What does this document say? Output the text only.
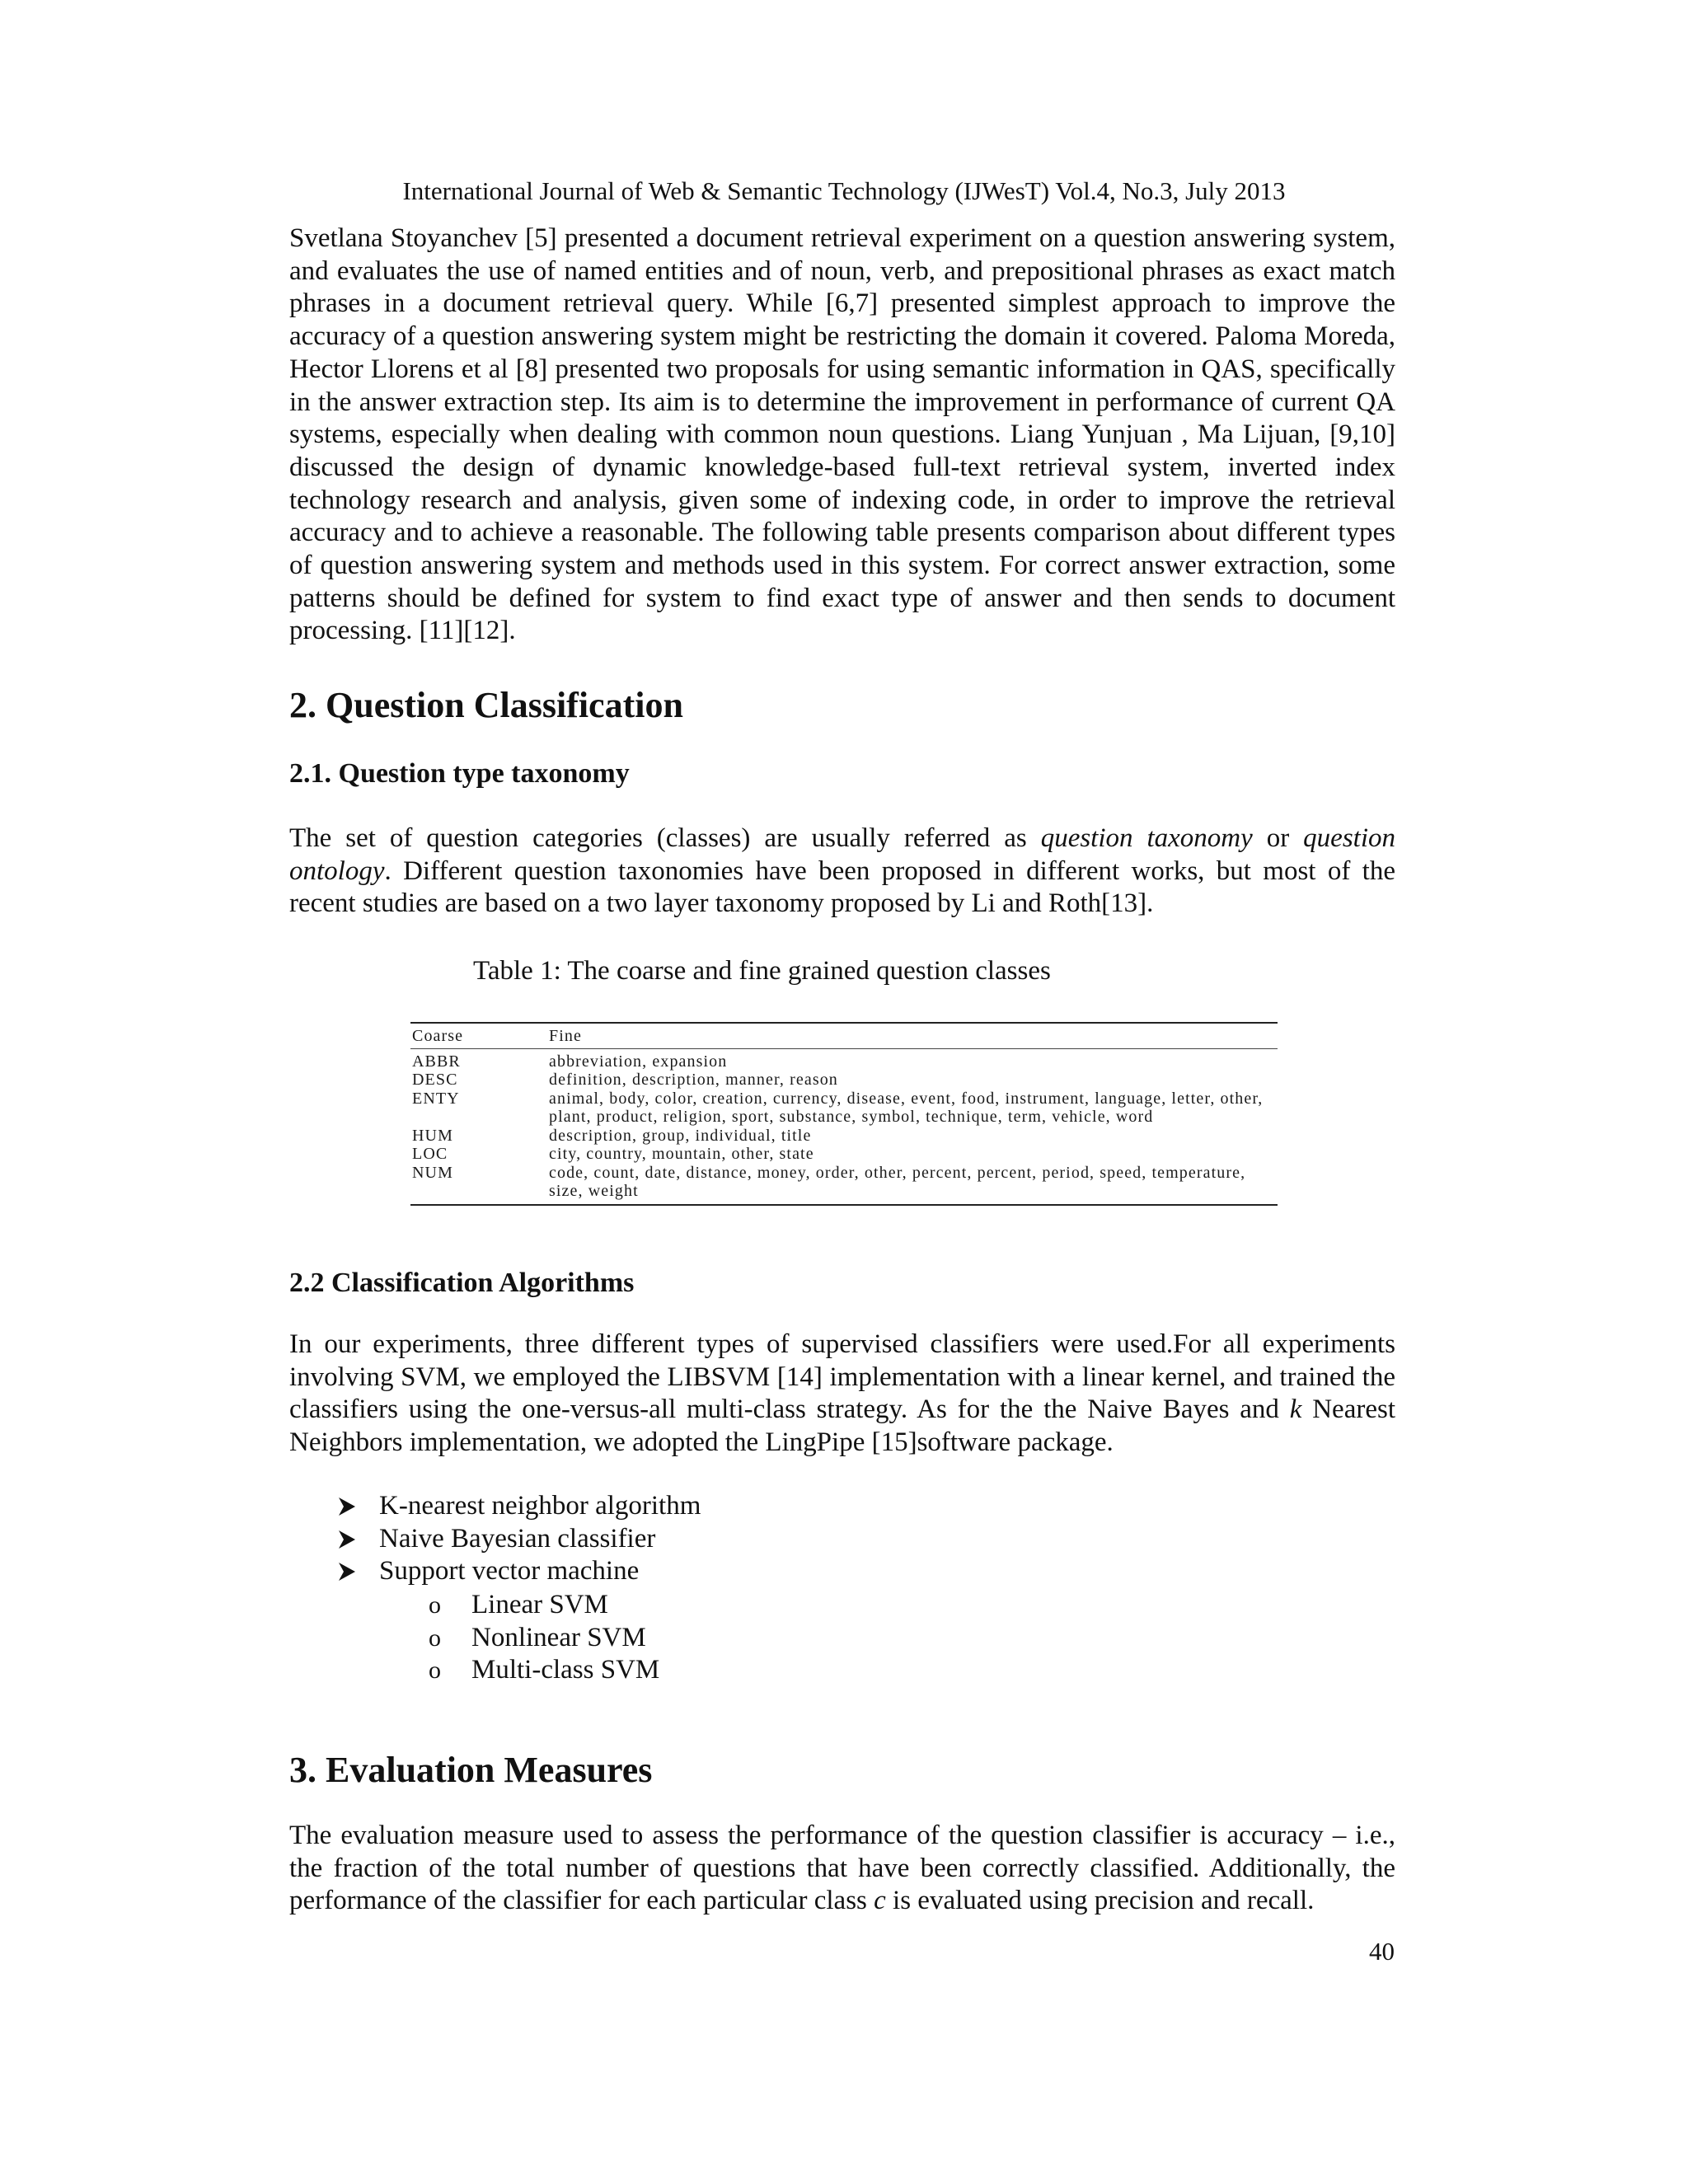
International Journal of Web & Semantic Technology (IJWesT) Vol.4, No.3, July 2013

Svetlana Stoyanchev [5] presented a document retrieval experiment on a question answering system, and evaluates the use of named entities and of noun, verb, and prepositional phrases as exact match phrases in a document retrieval query. While [6,7] presented simplest approach to improve the accuracy of a question answering system might be restricting the domain it covered. Paloma Moreda, Hector Llorens et al [8] presented two proposals for using semantic information in QAS, specifically in the answer extraction step. Its aim is to determine the improvement in performance of current QA systems, especially when dealing with common noun questions. Liang Yunjuan , Ma Lijuan, [9,10] discussed the design of dynamic knowledge-based full-text retrieval system, inverted index technology research and analysis, given some of indexing code, in order to improve the retrieval accuracy and to achieve a reasonable. The following table presents comparison about different types of question answering system and methods used in this system. For correct answer extraction, some patterns should be defined for system to find exact type of answer and then sends to document processing. [11][12].

2. Question Classification
2.1. Question type taxonomy

The set of question categories (classes) are usually referred as question taxonomy or question ontology. Different question taxonomies have been proposed in different works, but most of the recent studies are based on a two layer taxonomy proposed by Li and Roth[13].

Table 1: The coarse and fine grained question classes

Coarse	Fine
ABBR	abbreviation, expansion
DESC	definition, description, manner, reason
ENTY	animal, body, color, creation, currency, disease, event, food, instrument, language, letter, other, plant, product, religion, sport, substance, symbol, technique, term, vehicle, word
HUM	description, group, individual, title
LOC	city, country, mountain, other, state
NUM	code, count, date, distance, money, order, other, percent, percent, period, speed, temperature, size, weight
2.2 Classification Algorithms

In our experiments, three different types of supervised classifiers were used.For all experiments involving SVM, we employed the LIBSVM [14] implementation with a linear kernel, and trained the classifiers using the one-versus-all multi-class strategy. As for the the Naive Bayes and k Nearest Neighbors implementation, we adopted the LingPipe [15]software package.

K-nearest neighbor algorithm
Naive Bayesian classifier
Support vector machine
o	Linear SVM
o	Nonlinear SVM
o	Multi-class SVM
3. Evaluation Measures

The evaluation measure used to assess the performance of the question classifier is accuracy – i.e., the fraction of the total number of questions that have been correctly classified. Additionally, the performance of the classifier for each particular class c is evaluated using precision and recall.

40
